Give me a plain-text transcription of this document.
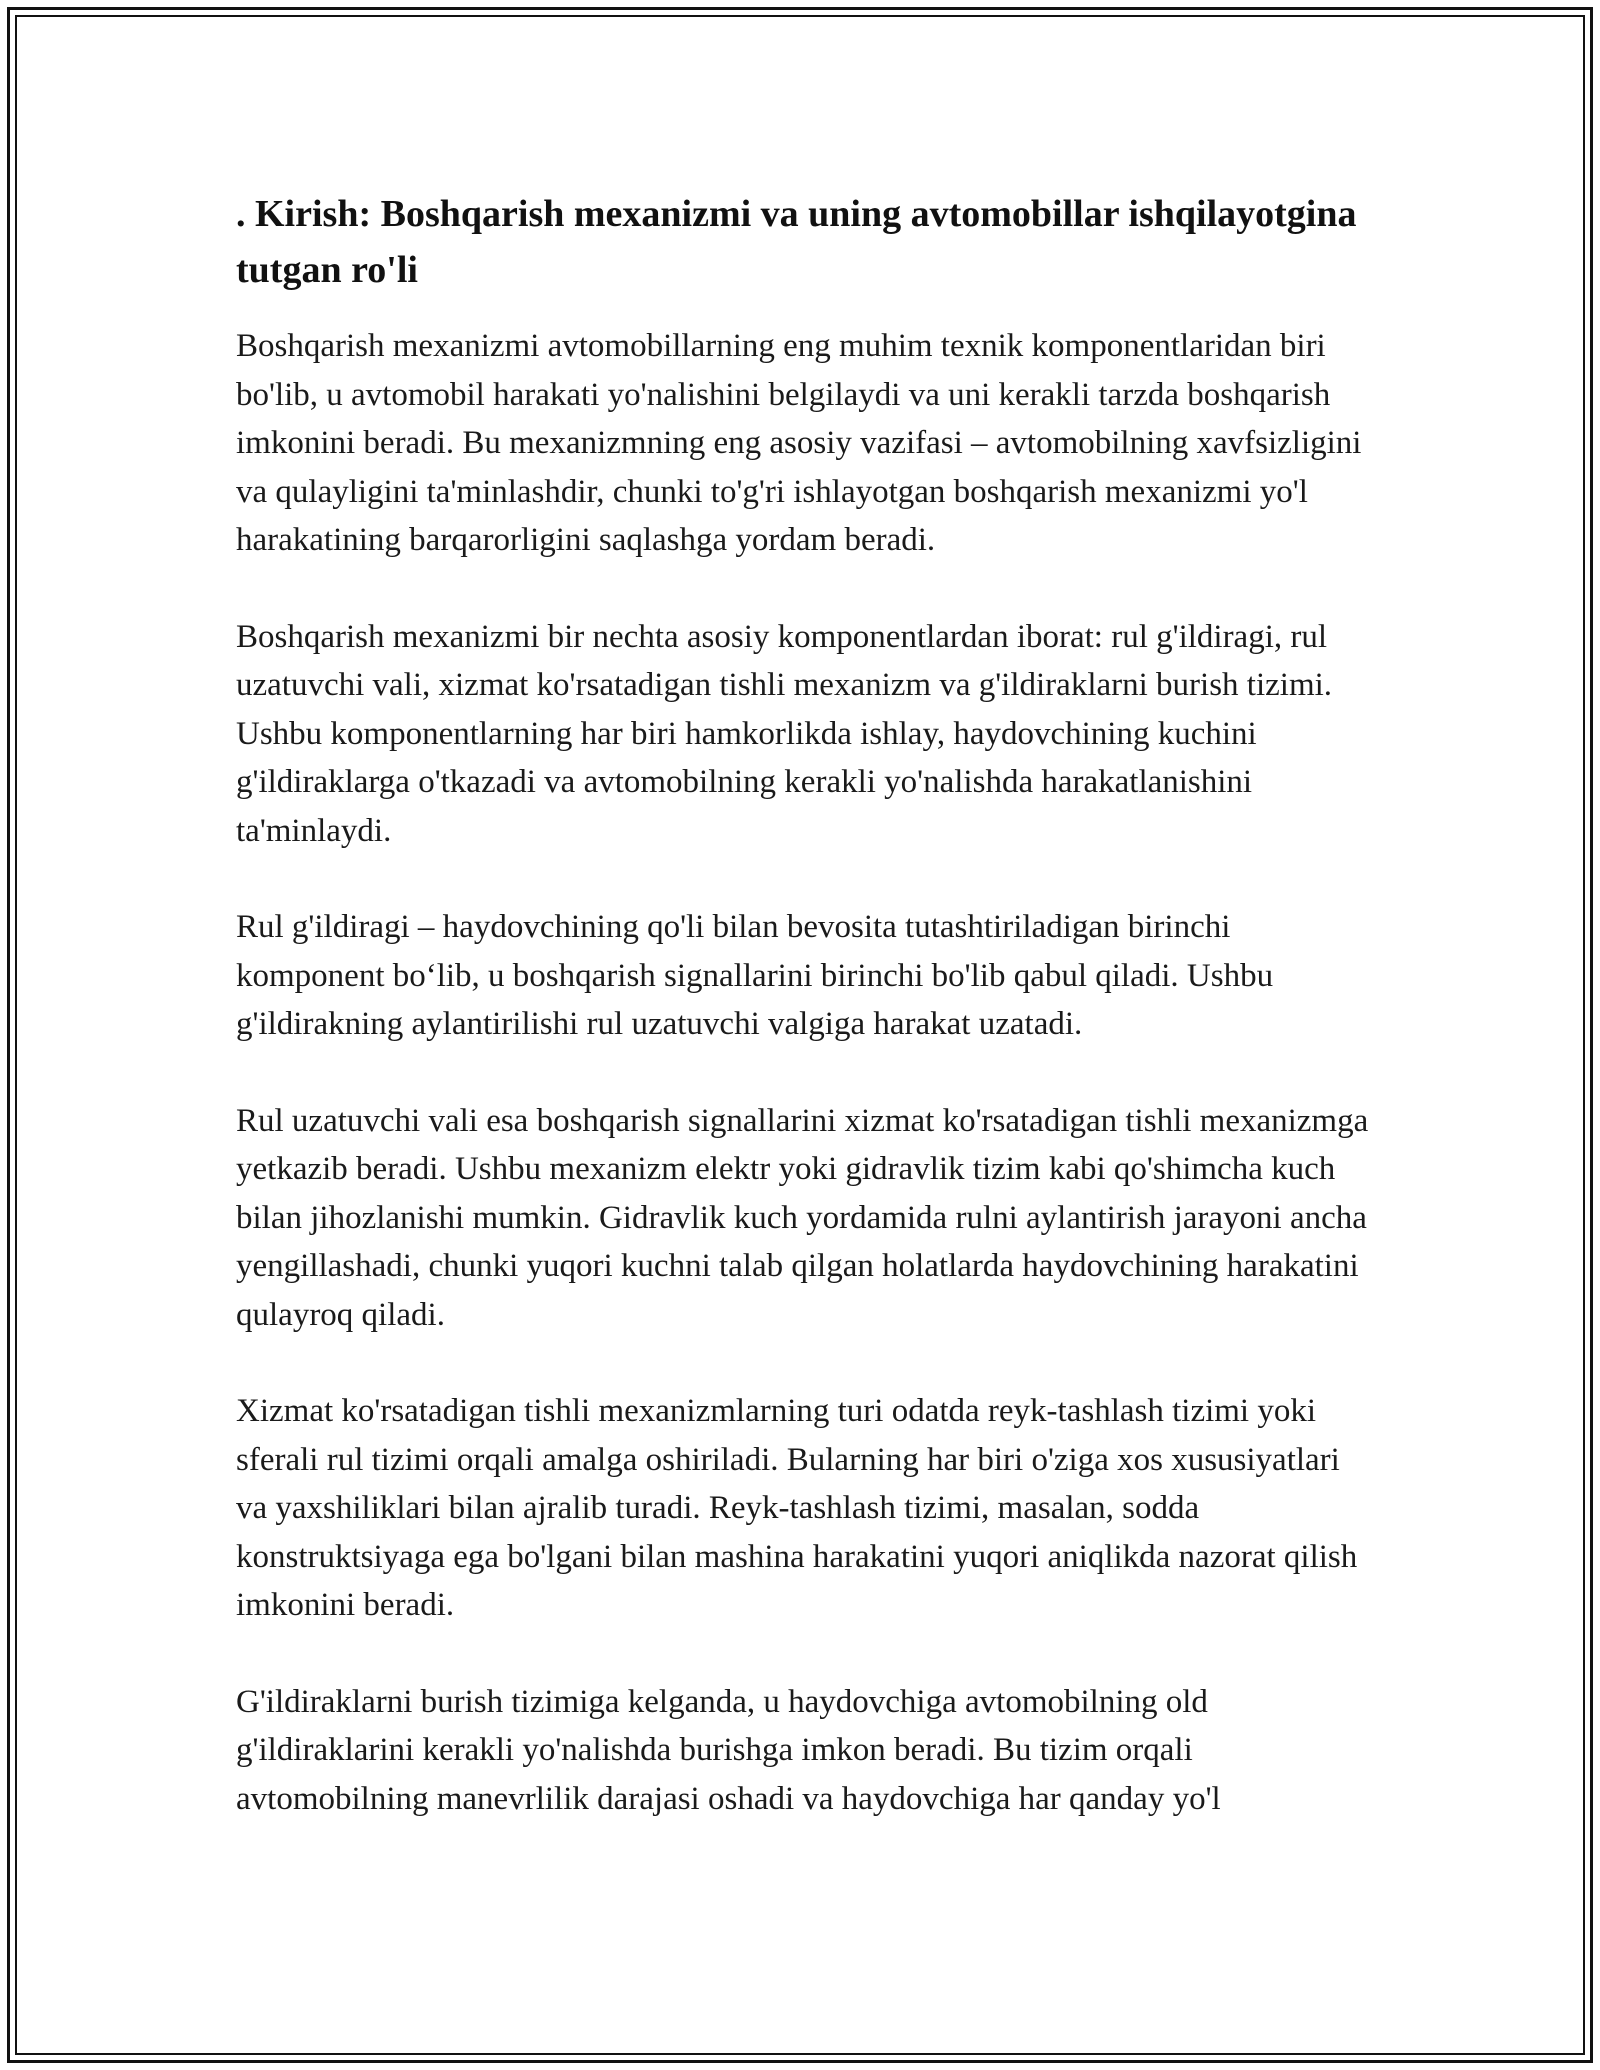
. Kirish: Boshqarish mexanizmi va uning avtomobillar ishqilayotgina tutgan ro'li

Boshqarish mexanizmi avtomobillarning eng muhim texnik komponentlaridan biri bo'lib, u avtomobil harakati yo'nalishini belgilaydi va uni kerakli tarzda boshqarish imkonini beradi. Bu mexanizmning eng asosiy vazifasi – avtomobilning xavfsizligini va qulayligini ta'minlashdir, chunki to'g'ri ishlayotgan boshqarish mexanizmi yo'l harakatining barqarorligini saqlashga yordam beradi.

Boshqarish mexanizmi bir nechta asosiy komponentlardan iborat: rul g'ildiragi, rul uzatuvchi vali, xizmat ko'rsatadigan tishli mexanizm va g'ildiraklarni burish tizimi. Ushbu komponentlarning har biri hamkorlikda ishlay, haydovchining kuchini g'ildiraklarga o'tkazadi va avtomobilning kerakli yo'nalishda harakatlanishini ta'minlaydi.

Rul g'ildiragi – haydovchining qo'li bilan bevosita tutashtiriladigan birinchi komponent bo‘lib, u boshqarish signallarini birinchi bo'lib qabul qiladi. Ushbu g'ildirakning aylantirilishi rul uzatuvchi valgiga harakat uzatadi.

Rul uzatuvchi vali esa boshqarish signallarini xizmat ko'rsatadigan tishli mexanizmga yetkazib beradi. Ushbu mexanizm elektr yoki gidravlik tizim kabi qo'shimcha kuch bilan jihozlanishi mumkin. Gidravlik kuch yordamida rulni aylantirish jarayoni ancha yengillashadi, chunki yuqori kuchni talab qilgan holatlarda haydovchining harakatini qulayroq qiladi.

Xizmat ko'rsatadigan tishli mexanizmlarning turi odatda reyk-tashlash tizimi yoki sferali rul tizimi orqali amalga oshiriladi. Bularning har biri o'ziga xos xususiyatlari va yaxshiliklari bilan ajralib turadi. Reyk-tashlash tizimi, masalan, sodda konstruktsiyaga ega bo'lgani bilan mashina harakatini yuqori aniqlikda nazorat qilish imkonini beradi.

G'ildiraklarni burish tizimiga kelganda, u haydovchiga avtomobilning old g'ildiraklarini kerakli yo'nalishda burishga imkon beradi. Bu tizim orqali avtomobilning manevrlilik darajasi oshadi va haydovchiga har qanday yo'l
